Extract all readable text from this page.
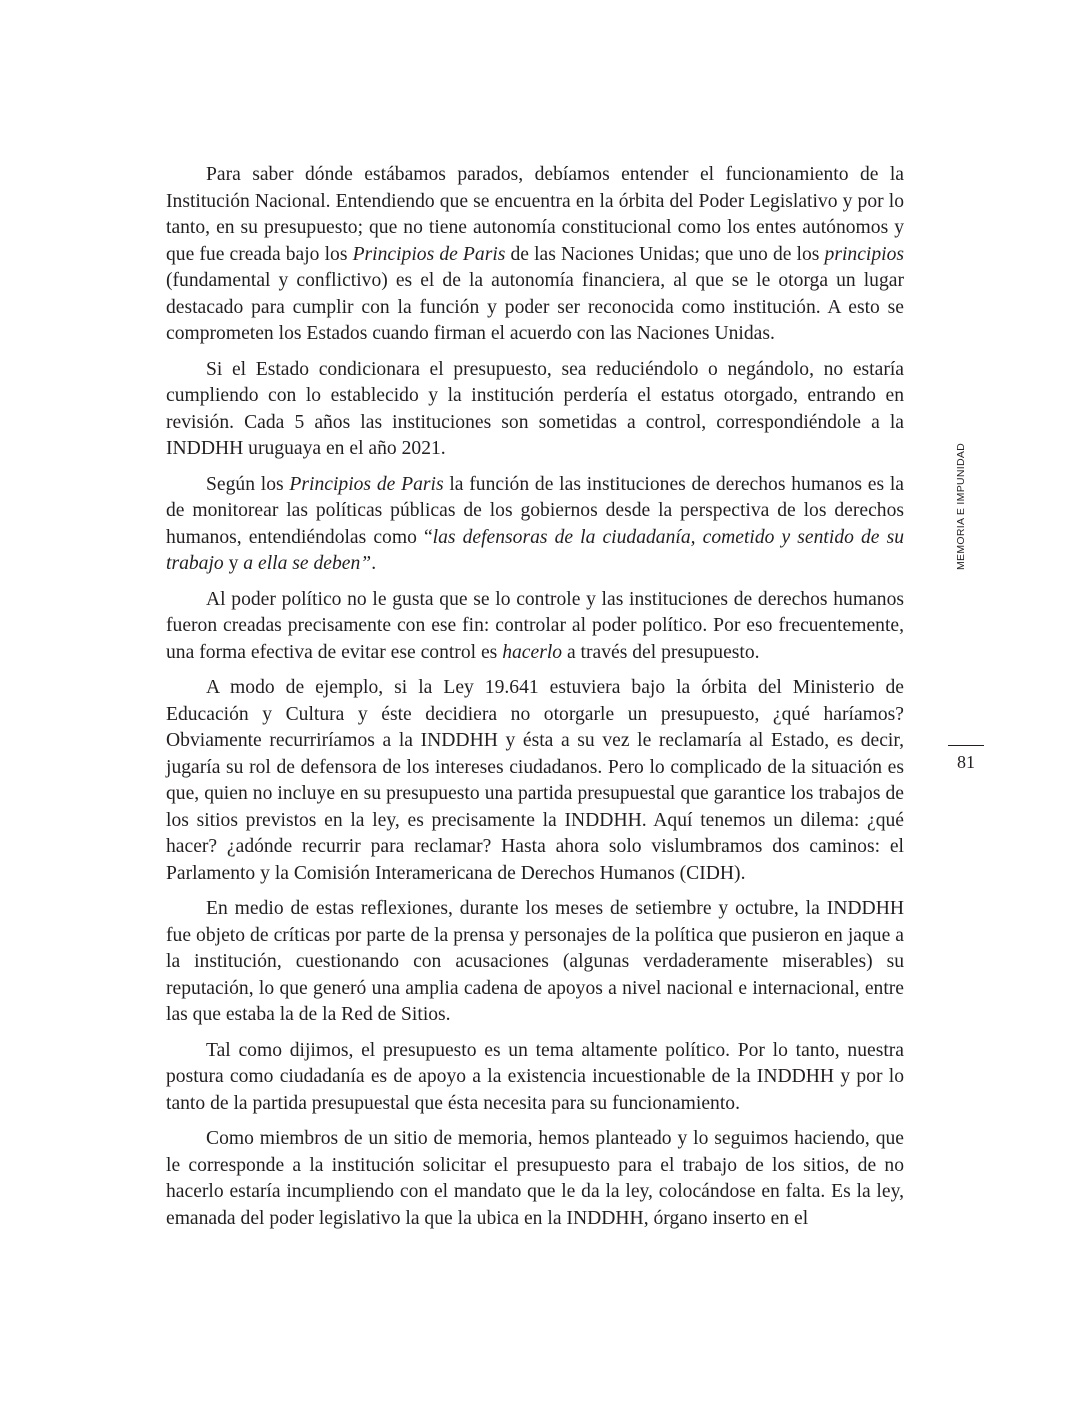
Para saber dónde estábamos parados, debíamos entender el funcionamiento de la Institución Nacional. Entendiendo que se encuentra en la órbita del Poder Legislativo y por lo tanto, en su presupuesto; que no tiene autonomía constitucional como los entes autónomos y que fue creada bajo los Principios de Paris de las Naciones Unidas; que uno de los principios (fundamental y conflictivo) es el de la autonomía financiera, al que se le otorga un lugar destacado para cumplir con la función y poder ser reconocida como institución. A esto se comprometen los Estados cuando firman el acuerdo con las Naciones Unidas.

Si el Estado condicionara el presupuesto, sea reduciéndolo o negándolo, no estaría cumpliendo con lo establecido y la institución perdería el estatus otorgado, entrando en revisión. Cada 5 años las instituciones son sometidas a control, correspondiéndole a la INDDHH uruguaya en el año 2021.

Según los Principios de Paris la función de las instituciones de derechos humanos es la de monitorear las políticas públicas de los gobiernos desde la perspectiva de los derechos humanos, entendiéndolas como “las defensoras de la ciudadanía, cometido y sentido de su trabajo y a ella se deben”.

Al poder político no le gusta que se lo controle y las instituciones de derechos humanos fueron creadas precisamente con ese fin: controlar al poder político. Por eso frecuentemente, una forma efectiva de evitar ese control es hacerlo a través del presupuesto.

A modo de ejemplo, si la Ley 19.641 estuviera bajo la órbita del Ministerio de Educación y Cultura y éste decidiera no otorgarle un presupuesto, ¿qué haríamos? Obviamente recurriríamos a la INDDHH y ésta a su vez le reclamaría al Estado, es decir, jugaría su rol de defensora de los intereses ciudadanos. Pero lo complicado de la situación es que, quien no incluye en su presupuesto una partida presupuestal que garantice los trabajos de los sitios previstos en la ley, es precisamente la INDDHH. Aquí tenemos un dilema: ¿qué hacer? ¿adónde recurrir para reclamar? Hasta ahora solo vislumbramos dos caminos: el Parlamento y la Comisión Interamericana de Derechos Humanos (CIDH).

En medio de estas reflexiones, durante los meses de setiembre y octubre, la INDDHH fue objeto de críticas por parte de la prensa y personajes de la política que pusieron en jaque a la institución, cuestionando con acusaciones (algunas verdaderamente miserables) su reputación, lo que generó una amplia cadena de apoyos a nivel nacional e internacional, entre las que estaba la de la Red de Sitios.

Tal como dijimos, el presupuesto es un tema altamente político. Por lo tanto, nuestra postura como ciudadanía es de apoyo a la existencia incuestionable de la INDDHH y por lo tanto de la partida presupuestal que ésta necesita para su funcionamiento.

Como miembros de un sitio de memoria, hemos planteado y lo seguimos haciendo, que le corresponde a la institución solicitar el presupuesto para el trabajo de los sitios, de no hacerlo estaría incumpliendo con el mandato que le da la ley, colocándose en falta. Es la ley, emanada del poder legislativo la que la ubica en la INDDHH, órgano inserto en el

MEMORIA E IMPUNIDAD
81
